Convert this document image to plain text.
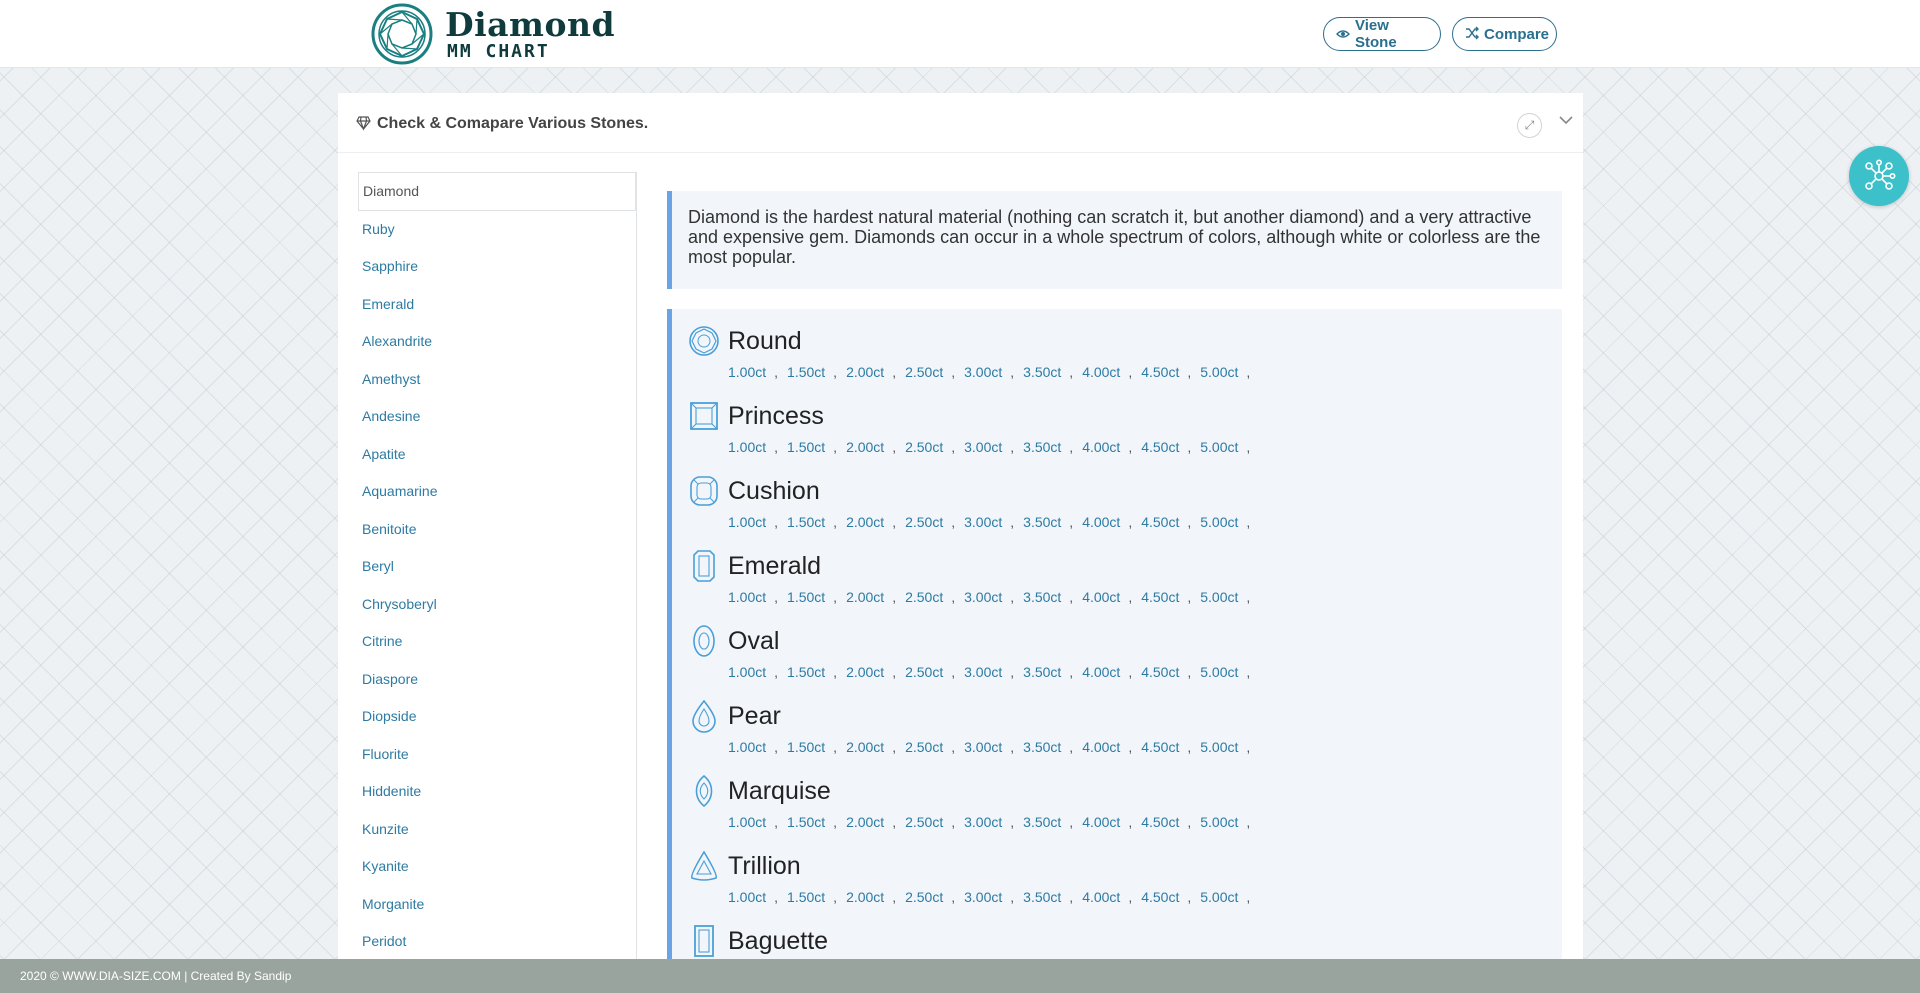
Diamond
MM CHART
View Stone	Compare
Check & Comapare Various Stones.	⤢
Diamond
Ruby
Sapphire
Emerald
Alexandrite
Amethyst
Andesine
Apatite
Aquamarine
Benitoite
Beryl
Chrysoberyl
Citrine
Diaspore
Diopside
Fluorite
Hiddenite
Kunzite
Kyanite
Morganite
Peridot
Diamond is the hardest natural material (nothing can scratch it, but another diamond) and a very attractive and expensive gem. Diamonds can occur in a whole spectrum of colors, although white or colorless are the most popular.
Round
1.00ct , 1.50ct , 2.00ct , 2.50ct , 3.00ct , 3.50ct , 4.00ct , 4.50ct , 5.00ct ,
Princess
1.00ct , 1.50ct , 2.00ct , 2.50ct , 3.00ct , 3.50ct , 4.00ct , 4.50ct , 5.00ct ,
Cushion
1.00ct , 1.50ct , 2.00ct , 2.50ct , 3.00ct , 3.50ct , 4.00ct , 4.50ct , 5.00ct ,
Emerald
1.00ct , 1.50ct , 2.00ct , 2.50ct , 3.00ct , 3.50ct , 4.00ct , 4.50ct , 5.00ct ,
Oval
1.00ct , 1.50ct , 2.00ct , 2.50ct , 3.00ct , 3.50ct , 4.00ct , 4.50ct , 5.00ct ,
Pear
1.00ct , 1.50ct , 2.00ct , 2.50ct , 3.00ct , 3.50ct , 4.00ct , 4.50ct , 5.00ct ,
Marquise
1.00ct , 1.50ct , 2.00ct , 2.50ct , 3.00ct , 3.50ct , 4.00ct , 4.50ct , 5.00ct ,
Trillion
1.00ct , 1.50ct , 2.00ct , 2.50ct , 3.00ct , 3.50ct , 4.00ct , 4.50ct , 5.00ct ,
Baguette
2020 © WWW.DIA-SIZE.COM | Created By Sandip
